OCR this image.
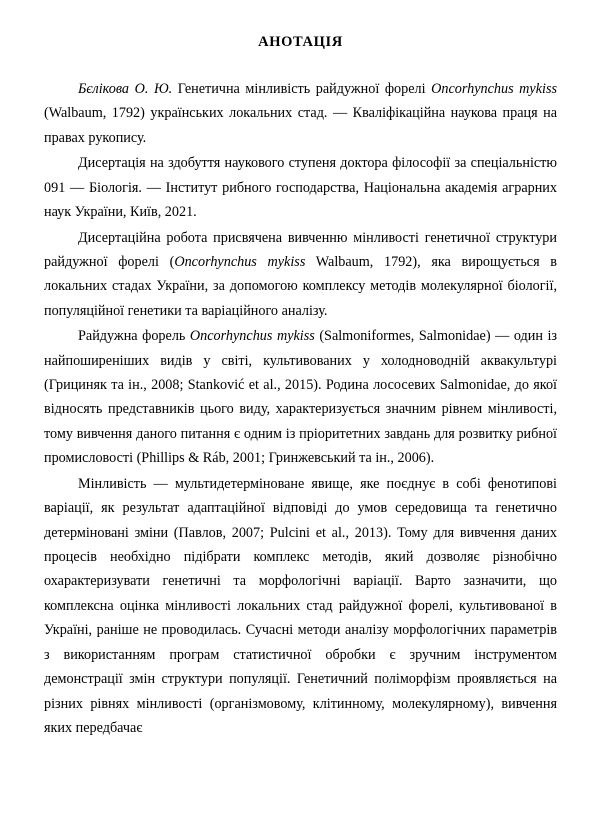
АНОТАЦІЯ

Бєлікова О. Ю. Генетична мінливість райдужної форелі Oncorhynchus mykiss (Walbaum, 1792) українських локальних стад. — Кваліфікаційна наукова праця на правах рукопису.

Дисертація на здобуття наукового ступеня доктора філософії за спеціальністю 091 — Біологія. — Інститут рибного господарства, Національна академія аграрних наук України, Київ, 2021.

Дисертаційна робота присвячена вивченню мінливості генетичної структури райдужної форелі (Oncorhynchus mykiss Walbaum, 1792), яка вирощується в локальних стадах України, за допомогою комплексу методів молекулярної біології, популяційної генетики та варіаційного аналізу.

Райдужна форель Oncorhynchus mykiss (Salmoniformes, Salmonidae) — один із найпоширеніших видів у світі, культивованих у холодноводній аквакультурі (Грициняк та ін., 2008; Stanković et al., 2015). Родина лососевих Salmonidae, до якої відносять представників цього виду, характеризується значним рівнем мінливості, тому вивчення даного питання є одним із пріоритетних завдань для розвитку рибної промисловості (Phillips & Ráb, 2001; Гринжевський та ін., 2006).

Мінливість — мультидетермінованe явище, яке поєднує в собі фенотипові варіації, як результат адаптаційної відповіді до умов середовища та генетично детерміновані зміни (Павлов, 2007; Pulcini et al., 2013). Тому для вивчення даних процесів необхідно підібрати комплекс методів, який дозволяє різнобічно охарактеризувати генетичні та морфологічні варіації. Варто зазначити, що комплексна оцінка мінливості локальних стад райдужної форелі, культивованої в Україні, раніше не проводилась. Сучасні методи аналізу морфологічних параметрів з використанням програм статистичної обробки є зручним інструментом демонстрації змін структури популяції. Генетичний поліморфізм проявляється на різних рівнях мінливості (організмовому, клітинному, молекулярному), вивчення яких передбачає
